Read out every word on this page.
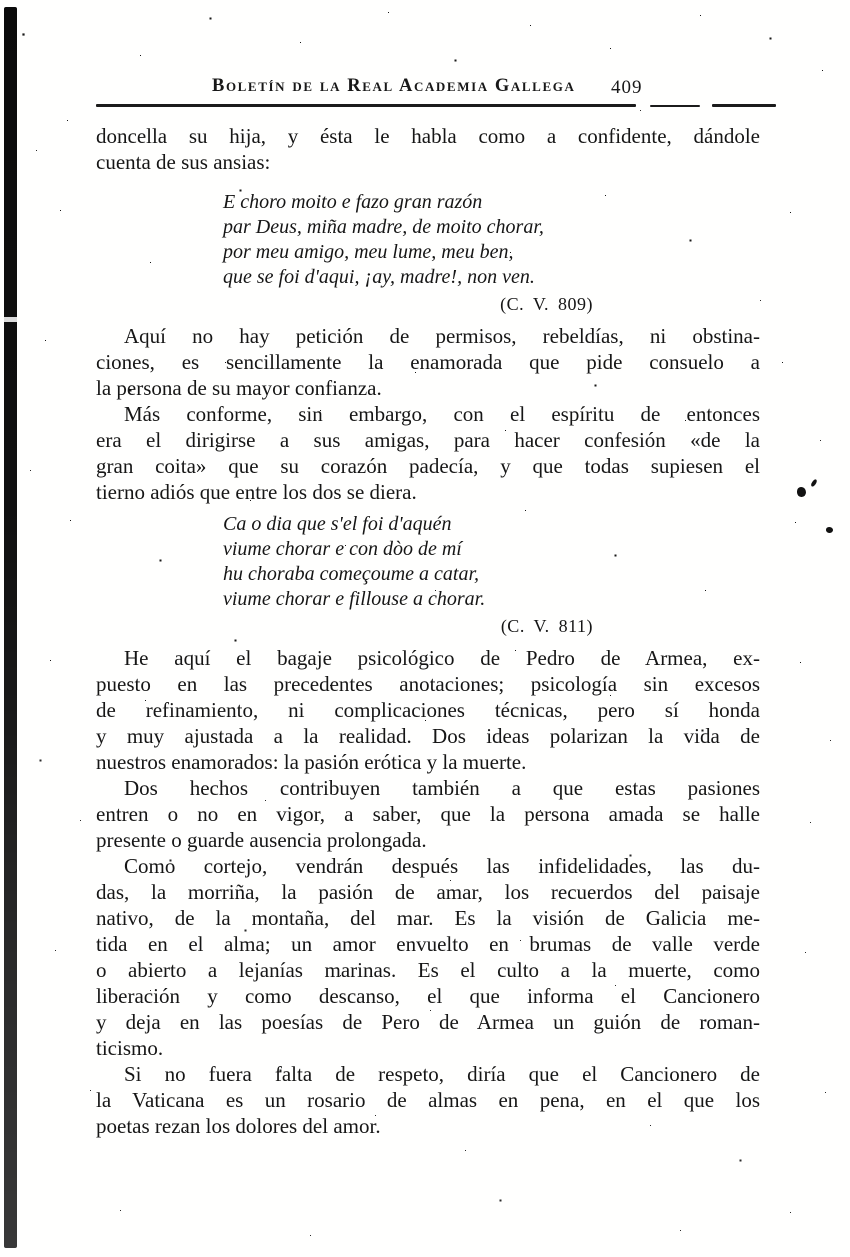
Boletín de la Real Academia Gallega 409
doncella su hija, y ésta le habla como a confidente, dándole
cuenta de sus ansias:
E choro moito e fazo gran razón
par Deus, miña madre, de moito chorar,
por meu amigo, meu lume, meu ben,
que se foi d'aqui, ¡ay, madre!, non ven.
(C. V. 809)
Aquí no hay petición de permisos, rebeldías, ni obstina-
ciones, es sencillamente la enamorada que pide consuelo a
la persona de su mayor confianza.
Más conforme, sin embargo, con el espíritu de entonces
era el dirigirse a sus amigas, para hacer confesión «de la
gran coita» que su corazón padecía, y que todas supiesen el
tierno adiós que entre los dos se diera.
Ca o dia que s'el foi d'aquén
viume chorar e con dòo de mí
hu choraba começoume a catar,
viume chorar e fillouse a chorar.
(C. V. 811)
He aquí el bagaje psicológico de Pedro de Armea, ex-
puesto en las precedentes anotaciones; psicología sin excesos
de refinamiento, ni complicaciones técnicas, pero sí honda
y muy ajustada a la realidad. Dos ideas polarizan la vida de
nuestros enamorados: la pasión erótica y la muerte.
Dos hechos contribuyen también a que estas pasiones
entren o no en vigor, a saber, que la persona amada se halle
presente o guarde ausencia prolongada.
Como cortejo, vendrán después las infidelidades, las du-
das, la morriña, la pasión de amar, los recuerdos del paisaje
nativo, de la montaña, del mar. Es la visión de Galicia me-
tida en el alma; un amor envuelto en brumas de valle verde
o abierto a lejanías marinas. Es el culto a la muerte, como
liberación y como descanso, el que informa el Cancionero
y deja en las poesías de Pero de Armea un guión de roman-
ticismo.
Si no fuera falta de respeto, diría que el Cancionero de
la Vaticana es un rosario de almas en pena, en el que los
poetas rezan los dolores del amor.
